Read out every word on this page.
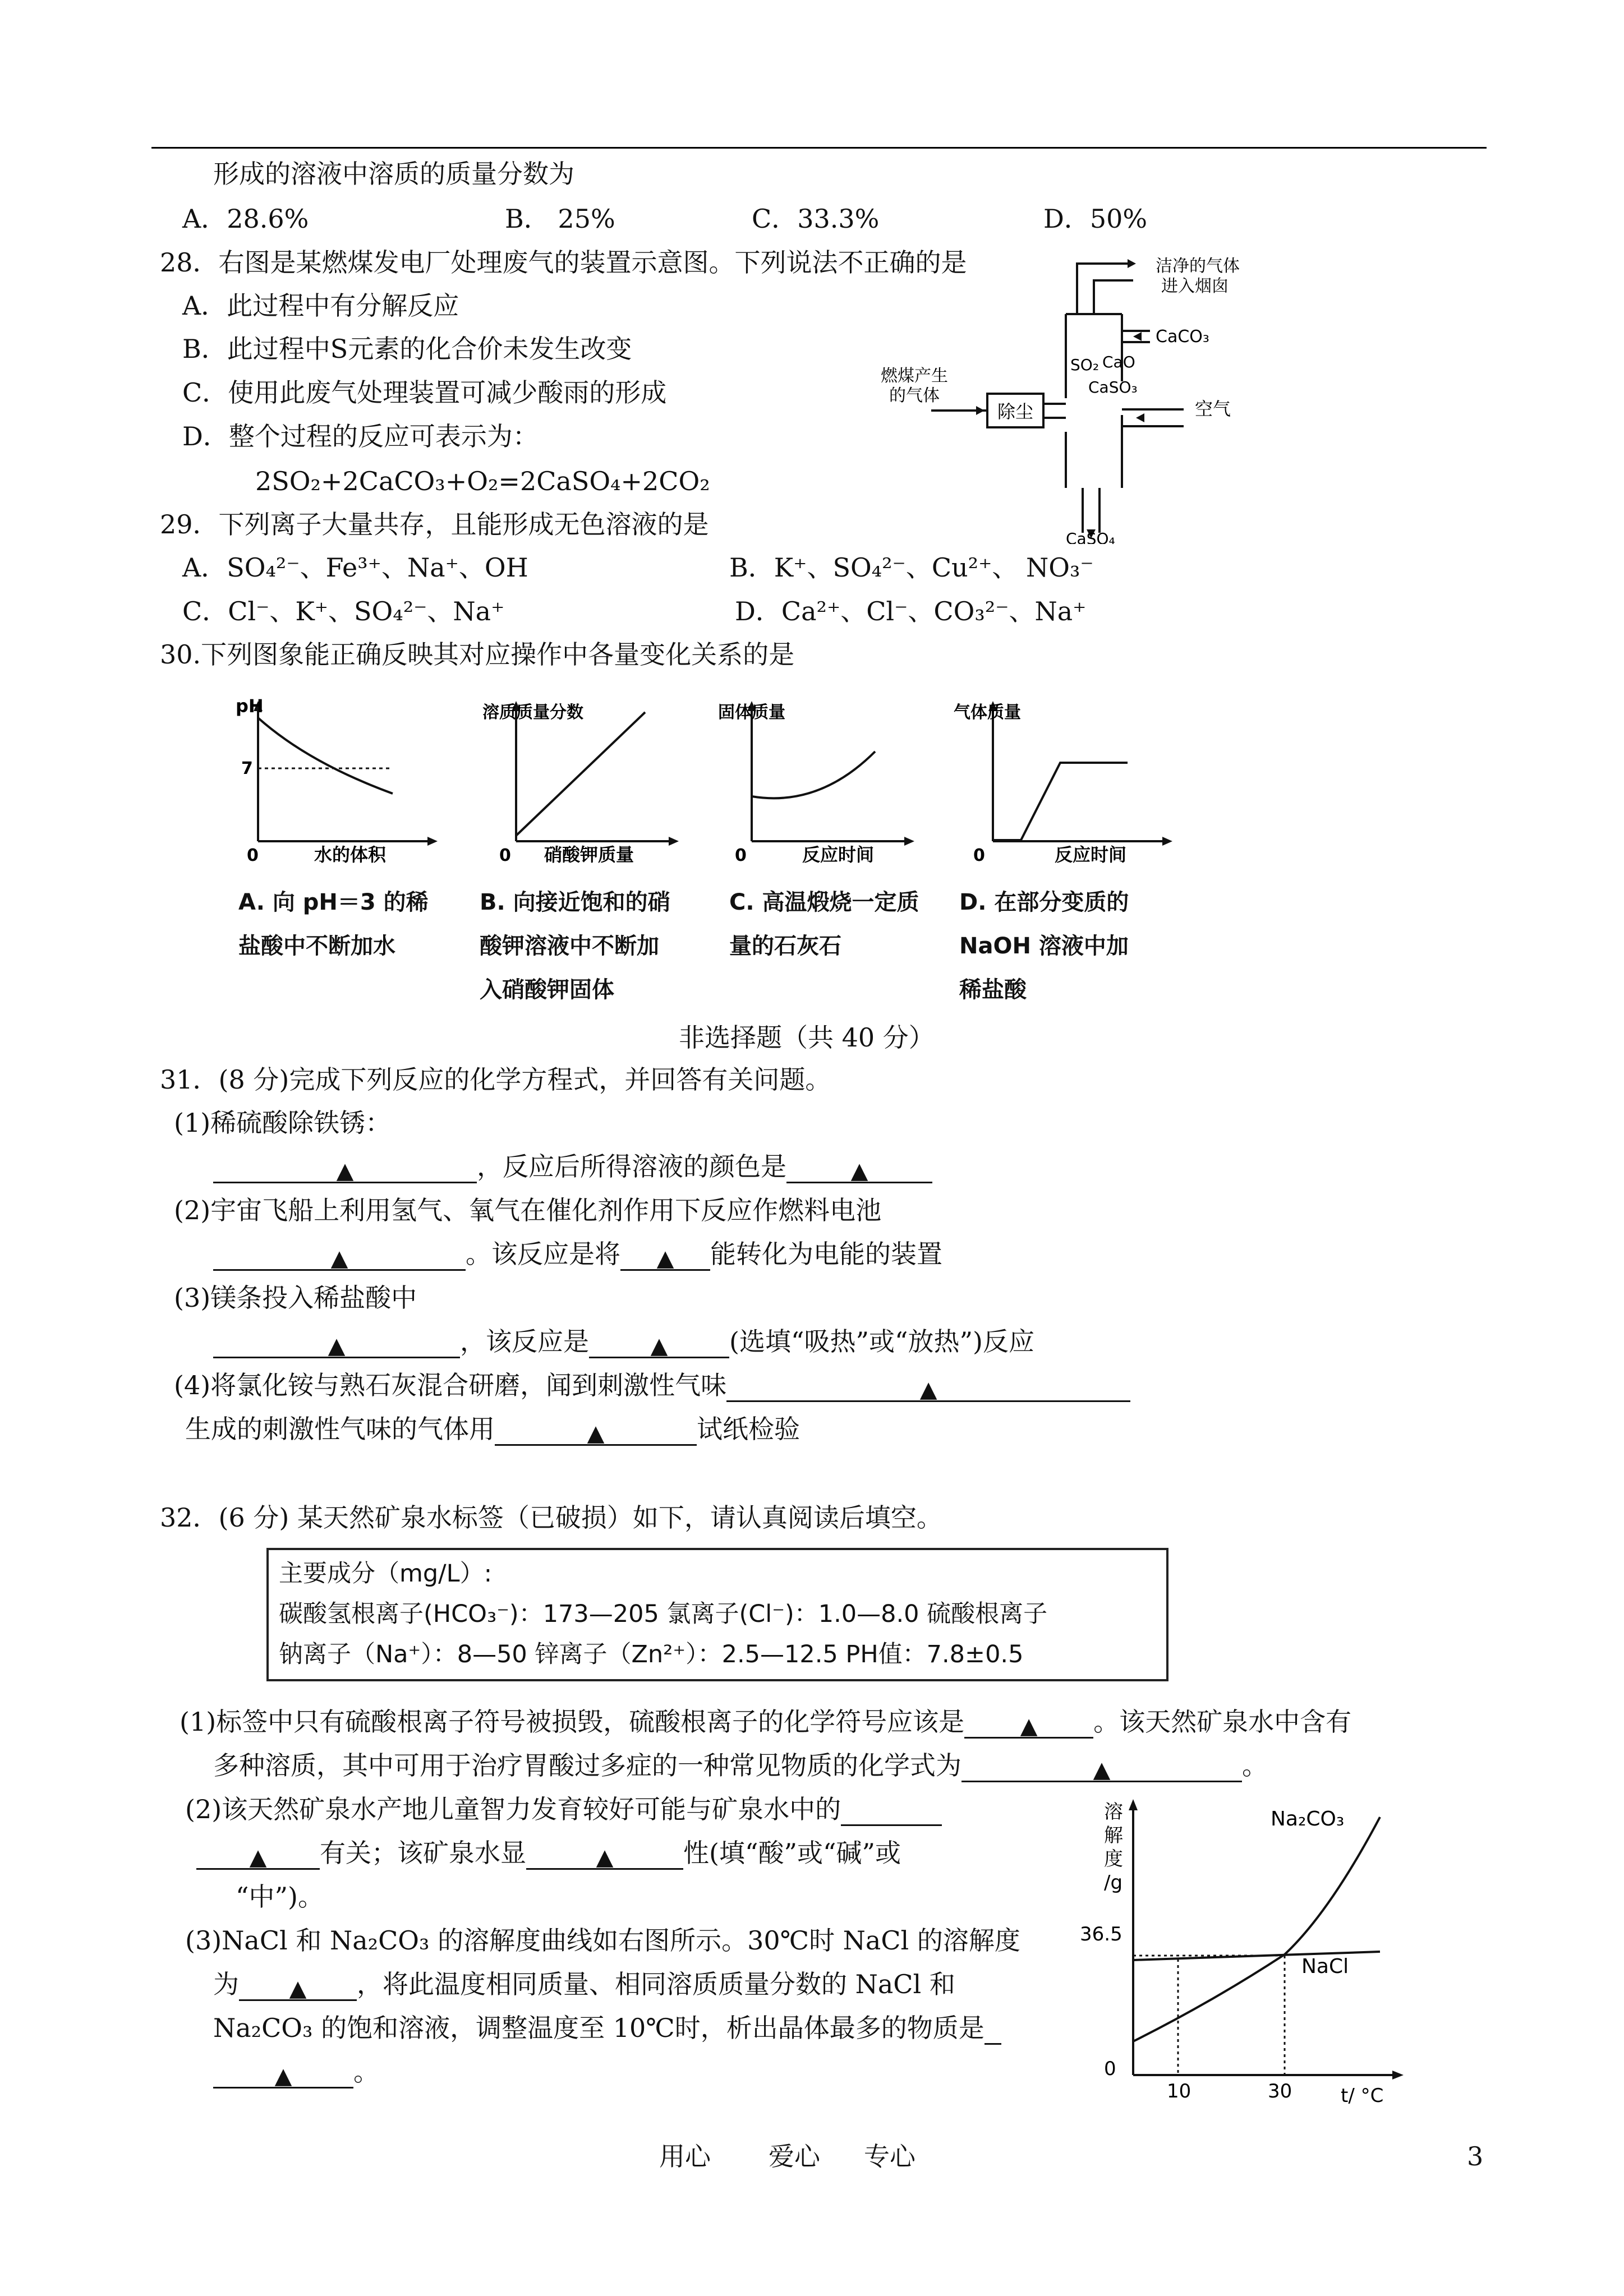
形成的溶液中溶质的质量分数为
A．28.6%	B． 25%	C．33.3%	D．50%
28．右图是某燃煤发电厂处理废气的装置示意图。下列说法不正确的是
A．此过程中有分解反应
B．此过程中S元素的化合价未发生改变
C．使用此废气处理装置可减少酸雨的形成
D．整个过程的反应可表示为：
2SO₂+2CaCO₃+O₂=2CaSO₄+2CO₂
洁净的气体
进入烟囱
CaCO₃
SO₂ CaO
CaSO₃
燃煤产生
的气体
除尘	空气
CaSO₄
29．下列离子大量共存，且能形成无色溶液的是
A．SO₄²⁻、Fe³⁺、Na⁺、OH	B．K⁺、SO₄²⁻、Cu²⁺、 NO₃⁻
C．Cl⁻、K⁺、SO₄²⁻、Na⁺	D．Ca²⁺、Cl⁻、CO₃²⁻、Na⁺
30.下列图象能正确反映其对应操作中各量变化关系的是
pH
7
0	水的体积
A. 向 pH＝3 的稀盐酸中不断加水
溶质质量分数
0 硝酸钾质量
B. 向接近饱和的硝酸钾溶液中不断加入硝酸钾固体
固体质量
0	反应时间
C. 高温煅烧一定质量的石灰石
气体质量
0	反应时间
D. 在部分变质的 NaOH 溶液中加稀盐酸
非选择题（共 40 分）
31．(8 分)完成下列反应的化学方程式，并回答有关问题。
(1)稀硫酸除铁锈：
▲	，反应后所得溶液的颜色是	▲
(2)宇宙飞船上利用氢气、氧气在催化剂作用下反应作燃料电池
▲	。该反应是将 ▲ 能转化为电能的装置
(3)镁条投入稀盐酸中
▲	，该反应是	▲ (选填“吸热”或“放热”)反应
(4)将氯化铵与熟石灰混合研磨，闻到刺激性气味	▲
生成的刺激性气味的气体用	▲	试纸检验
32．(6 分) 某天然矿泉水标签（已破损）如下，请认真阅读后填空。
主要成分（mg/L）:
碳酸氢根离子(HCO₃⁻)：173—205 氯离子(Cl⁻)：1.0—8.0 硫酸根离子
钠离子（Na⁺）：8—50 锌离子（Zn²⁺）：2.5—12.5 PH值：7.8±0.5
(1)标签中只有硫酸根离子符号被损毁，硫酸根离子的化学符号应该是 ▲ 。该天然矿泉水中含有
多种溶质，其中可用于治疗胃酸过多症的一种常见物质的化学式为	▲	。
(2)该天然矿泉水产地儿童智力发育较好可能与矿泉水中的
▲ 有关；该矿泉水显	▲	性(填“酸”或“碱”或
“中”)。
(3)NaCl 和 Na₂CO₃ 的溶解度曲线如右图所示。30℃时 NaCl 的溶解度
为 ▲ ，将此温度相同质量、相同溶质质量分数的 NaCl 和
Na₂CO₃ 的饱和溶液，调整温度至 10℃时，析出晶体最多的物质是
▲ 。
溶
解
度
/g
36.5
0
10	30	t/ °C
Na₂CO₃
NaCl
用心 爱心 专心	3
